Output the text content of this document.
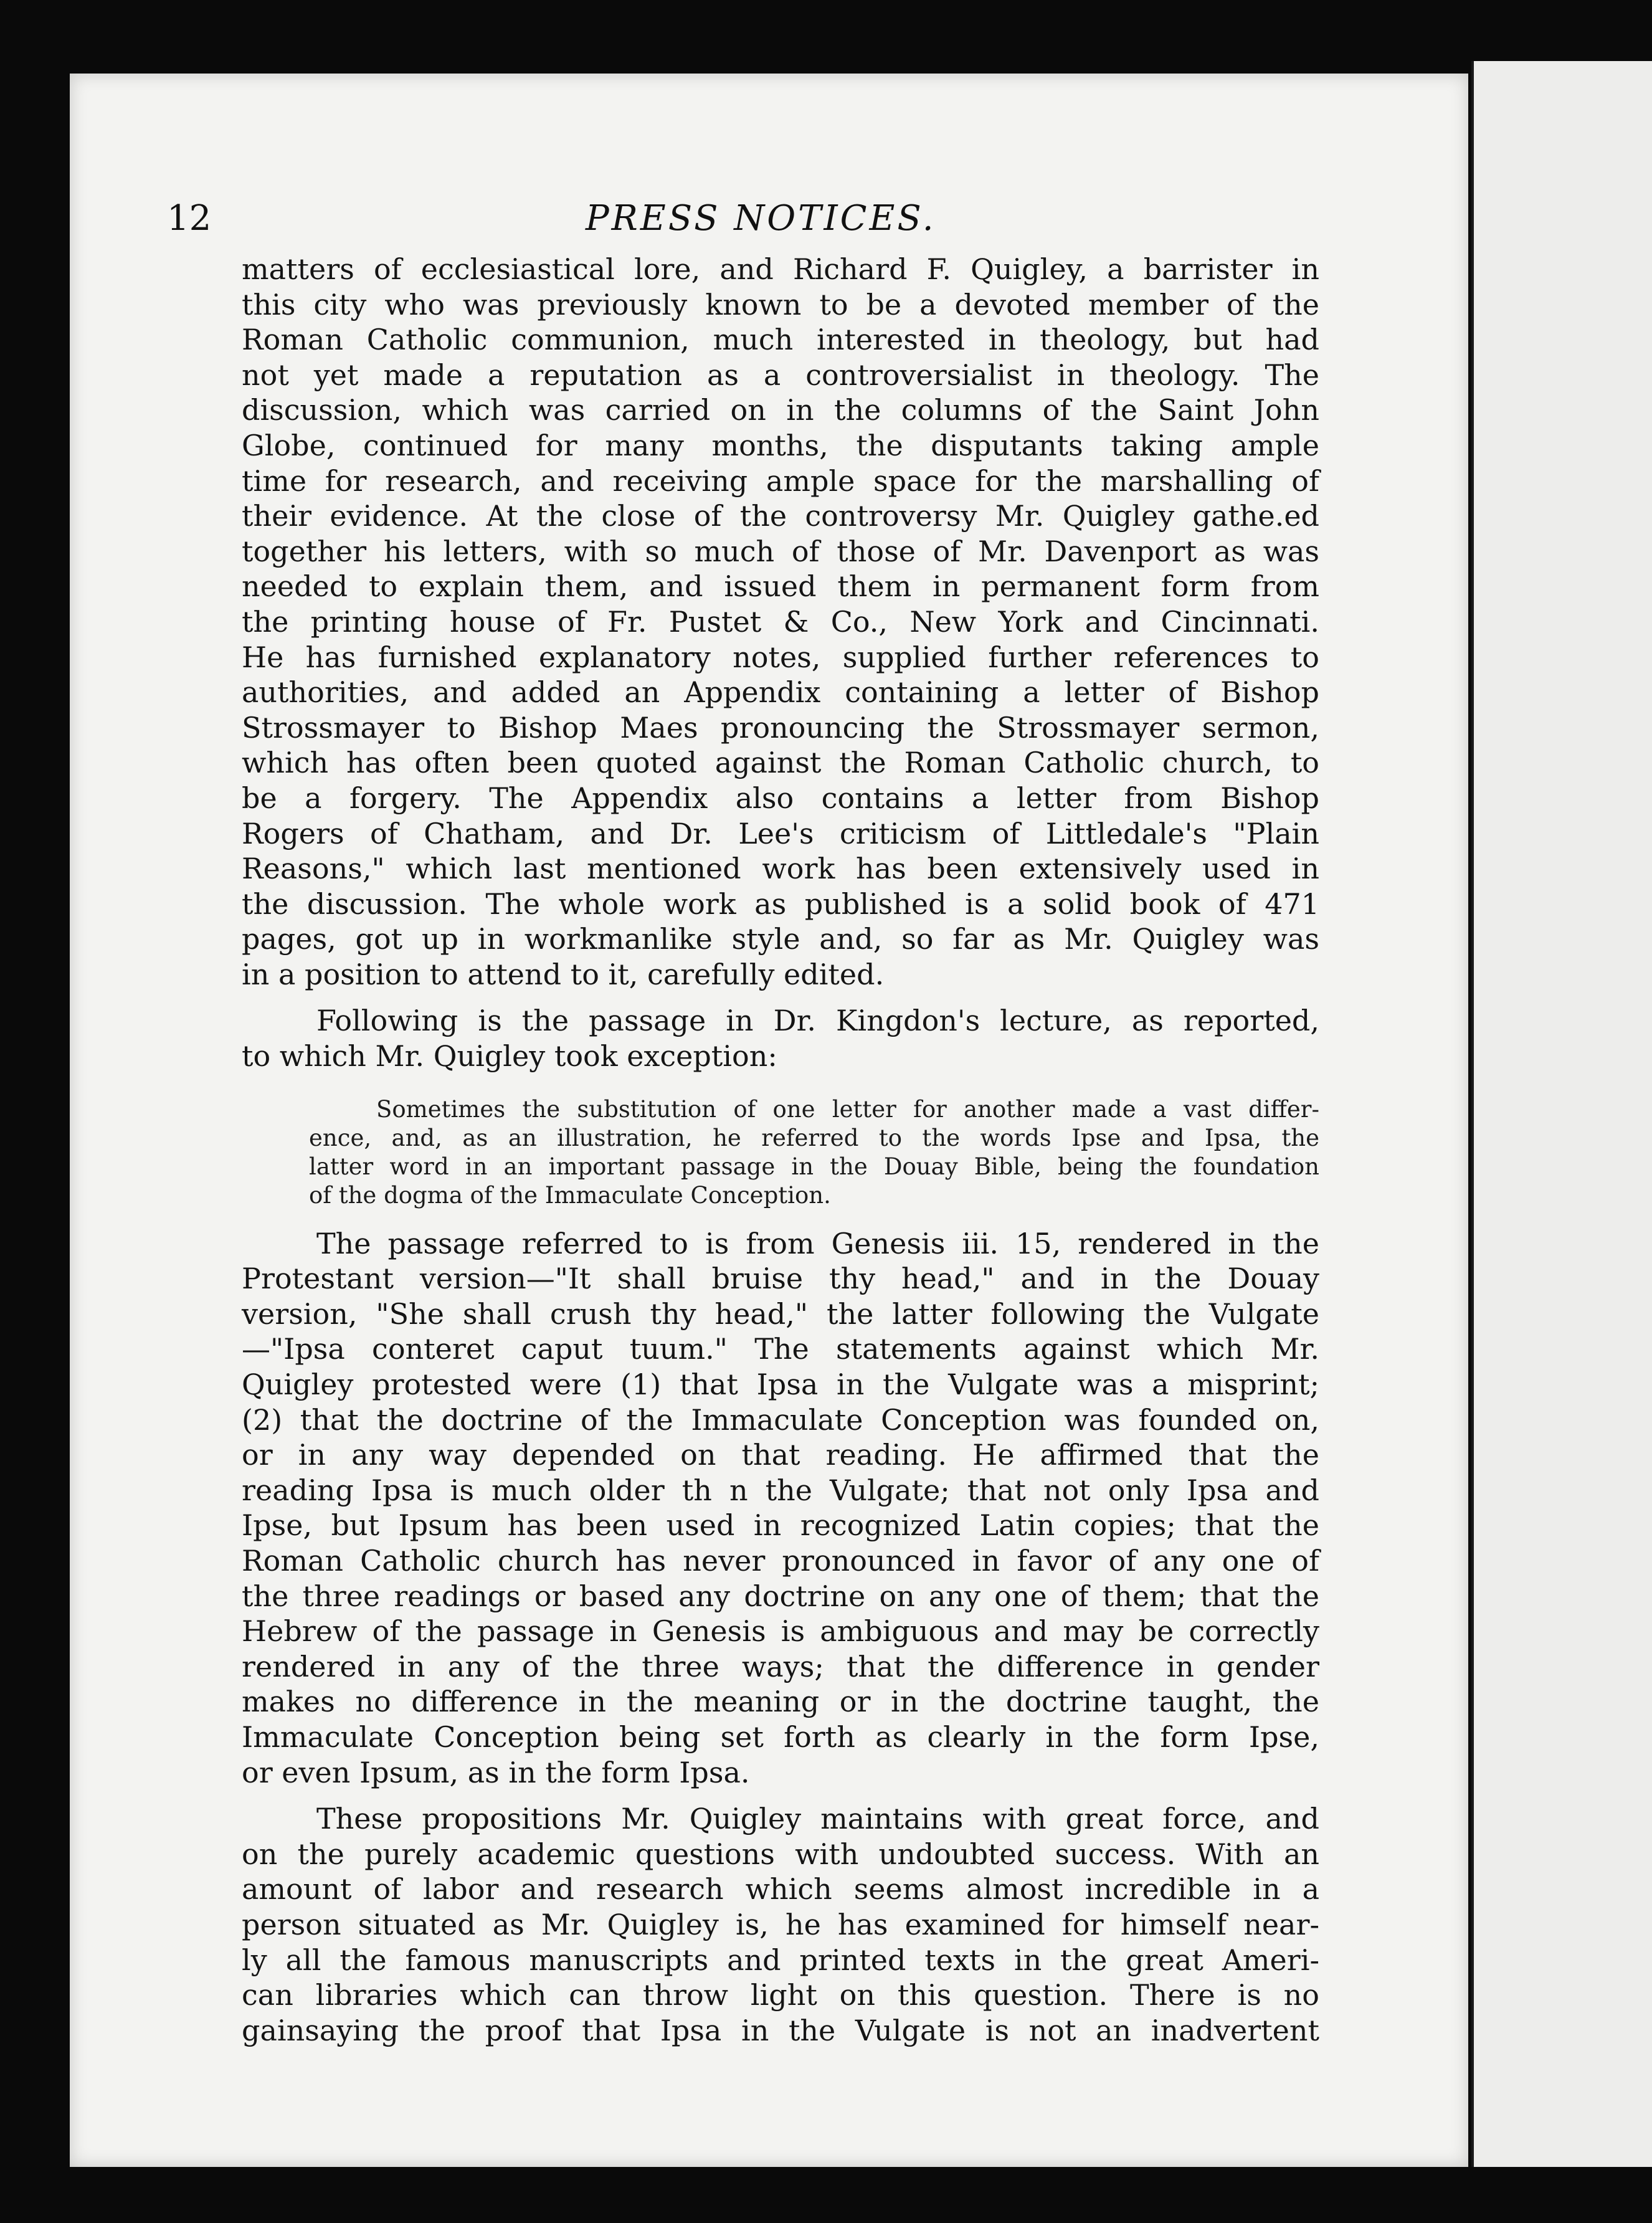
12	PRESS NOTICES.

matters of ecclesiastical lore, and Richard F. Quigley, a barrister in
this city who was previously known to be a devoted member of the
Roman Catholic communion, much interested in theology, but had
not yet made a reputation as a controversialist in theology. The
discussion, which was carried on in the columns of the Saint John
Globe, continued for many months, the disputants taking ample
time for research, and receiving ample space for the marshalling of
their evidence. At the close of the controversy Mr. Quigley gathe.ed
together his letters, with so much of those of Mr. Davenport as was
needed to explain them, and issued them in permanent form from
the printing house of Fr. Pustet & Co., New York and Cincinnati.
He has furnished explanatory notes, supplied further references to
authorities, and added an Appendix containing a letter of Bishop
Strossmayer to Bishop Maes pronouncing the Strossmayer sermon,
which has often been quoted against the Roman Catholic church, to
be a forgery. The Appendix also contains a letter from Bishop
Rogers of Chatham, and Dr. Lee's criticism of Littledale's "Plain
Reasons," which last mentioned work has been extensively used in
the discussion. The whole work as published is a solid book of 471
pages, got up in workmanlike style and, so far as Mr. Quigley was
in a position to attend to it, carefully edited.

Following is the passage in Dr. Kingdon's lecture, as reported,
to which Mr. Quigley took exception:

Sometimes the substitution of one letter for another made a vast differ-
ence, and, as an illustration, he referred to the words Ipse and Ipsa, the
latter word in an important passage in the Douay Bible, being the foundation
of the dogma of the Immaculate Conception.

The passage referred to is from Genesis iii. 15, rendered in the
Protestant version—"It shall bruise thy head," and in the Douay
version, "She shall crush thy head," the latter following the Vulgate
—"Ipsa conteret caput tuum." The statements against which Mr.
Quigley protested were (1) that Ipsa in the Vulgate was a misprint;
(2) that the doctrine of the Immaculate Conception was founded on,
or in any way depended on that reading. He affirmed that the
reading Ipsa is much older th n the Vulgate; that not only Ipsa and
Ipse, but Ipsum has been used in recognized Latin copies; that the
Roman Catholic church has never pronounced in favor of any one of
the three readings or based any doctrine on any one of them; that the
Hebrew of the passage in Genesis is ambiguous and may be correctly
rendered in any of the three ways; that the difference in gender
makes no difference in the meaning or in the doctrine taught, the
Immaculate Conception being set forth as clearly in the form Ipse,
or even Ipsum, as in the form Ipsa.

These propositions Mr. Quigley maintains with great force, and
on the purely academic questions with undoubted success. With an
amount of labor and research which seems almost incredible in a
person situated as Mr. Quigley is, he has examined for himself near-
ly all the famous manuscripts and printed texts in the great Ameri-
can libraries which can throw light on this question. There is no
gainsaying the proof that Ipsa in the Vulgate is not an inadvertent
